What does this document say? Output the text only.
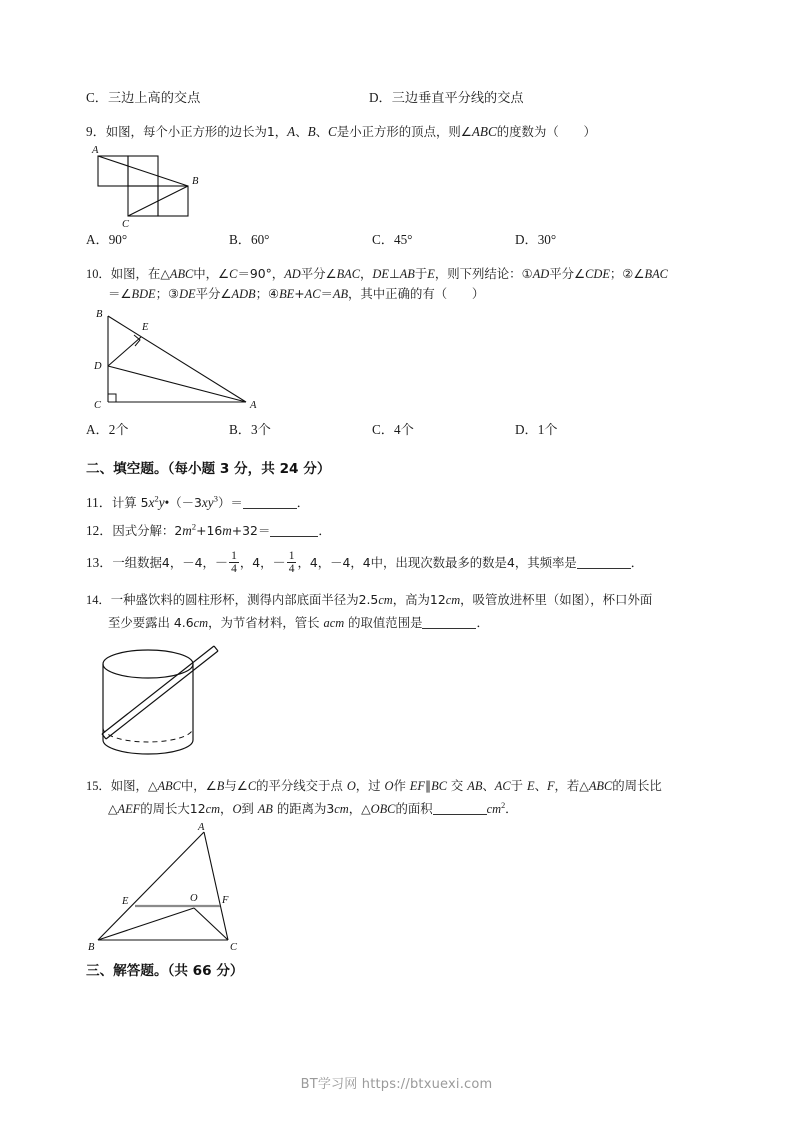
C．三边上高的交点	D．三边垂直平分线的交点
9．如图，每个小正方形的边长为1，A、B、C是小正方形的顶点，则∠ABC的度数为（　　）
A
B
C
A．90°	B．60°	C．45°	D．30°
10．如图，在△ABC中，∠C＝90°，AD平分∠BAC，DE⊥AB于E，则下列结论：①AD平分∠CDE；②∠BAC
＝∠BDE；③DE平分∠ADB；④BE+AC＝AB，其中正确的有（　　）
B
E
D
C	A
A．2个	B．3个	C．4个	D．1个
二、填空题。（每小题 3 分，共 24 分）
11．计算 $5x^2y•(-3xy^3)=$	．
12．因式分解：$2m^2+16m+32=$	．
13．一组数据4，－4，－ $\frac{1}{4}$ ，4，－ $\frac{1}{4}$ ，4，－4，4中，出现次数最多的数是4，其频率是	．
14．一种盛饮料的圆柱形杯，测得内部底面半径为2.5cm，高为12cm，吸管放进杯里（如图），杯口外面
至少要露出 4.6cm，为节省材料，管长 acm 的取值范围是	．
15．如图，△ABC中，∠B与∠C的平分线交于点 O，过 O作 EF∥BC 交 AB、AC于 E、F，若△ABC的周长比
△AEF的周长大12cm，O到 AB 的距离为3cm，△OBC的面积	$cm^2$．
A
E	O F
B	C
三、解答题。（共 66 分）
BT学习网 https://btxuexi.com
